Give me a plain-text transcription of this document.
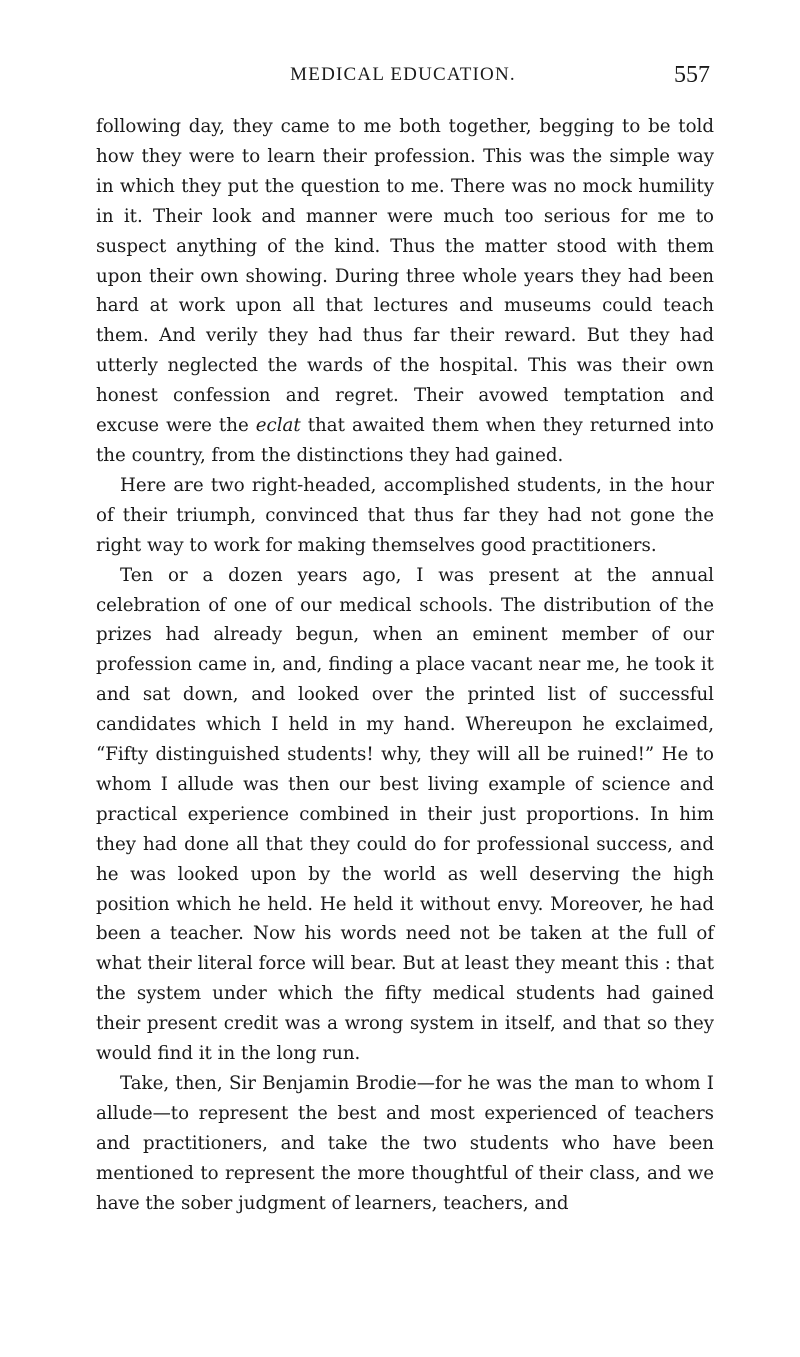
MEDICAL EDUCATION.	557

following day, they came to me both together, begging to be told how they were to learn their profession. This was the simple way in which they put the question to me. There was no mock humility in it. Their look and manner were much too serious for me to suspect anything of the kind. Thus the matter stood with them upon their own showing. During three whole years they had been hard at work upon all that lectures and museums could teach them. And verily they had thus far their reward. But they had utterly neglected the wards of the hospital. This was their own honest confession and regret. Their avowed temptation and excuse were the eclat that awaited them when they returned into the country, from the distinctions they had gained.

Here are two right-headed, accomplished students, in the hour of their triumph, convinced that thus far they had not gone the right way to work for making themselves good practitioners.

Ten or a dozen years ago, I was present at the annual celebration of one of our medical schools. The distribution of the prizes had already begun, when an eminent member of our profession came in, and, finding a place vacant near me, he took it and sat down, and looked over the printed list of successful candidates which I held in my hand. Whereupon he exclaimed, “Fifty distinguished students! why, they will all be ruined!” He to whom I allude was then our best living example of science and practical experience combined in their just proportions. In him they had done all that they could do for professional success, and he was looked upon by the world as well deserving the high position which he held. He held it without envy. Moreover, he had been a teacher. Now his words need not be taken at the full of what their literal force will bear. But at least they meant this : that the system under which the fifty medical students had gained their present credit was a wrong system in itself, and that so they would find it in the long run.

Take, then, Sir Benjamin Brodie—for he was the man to whom I allude—to represent the best and most experienced of teachers and practitioners, and take the two students who have been mentioned to represent the more thoughtful of their class, and we have the sober judgment of learners, teachers, and
